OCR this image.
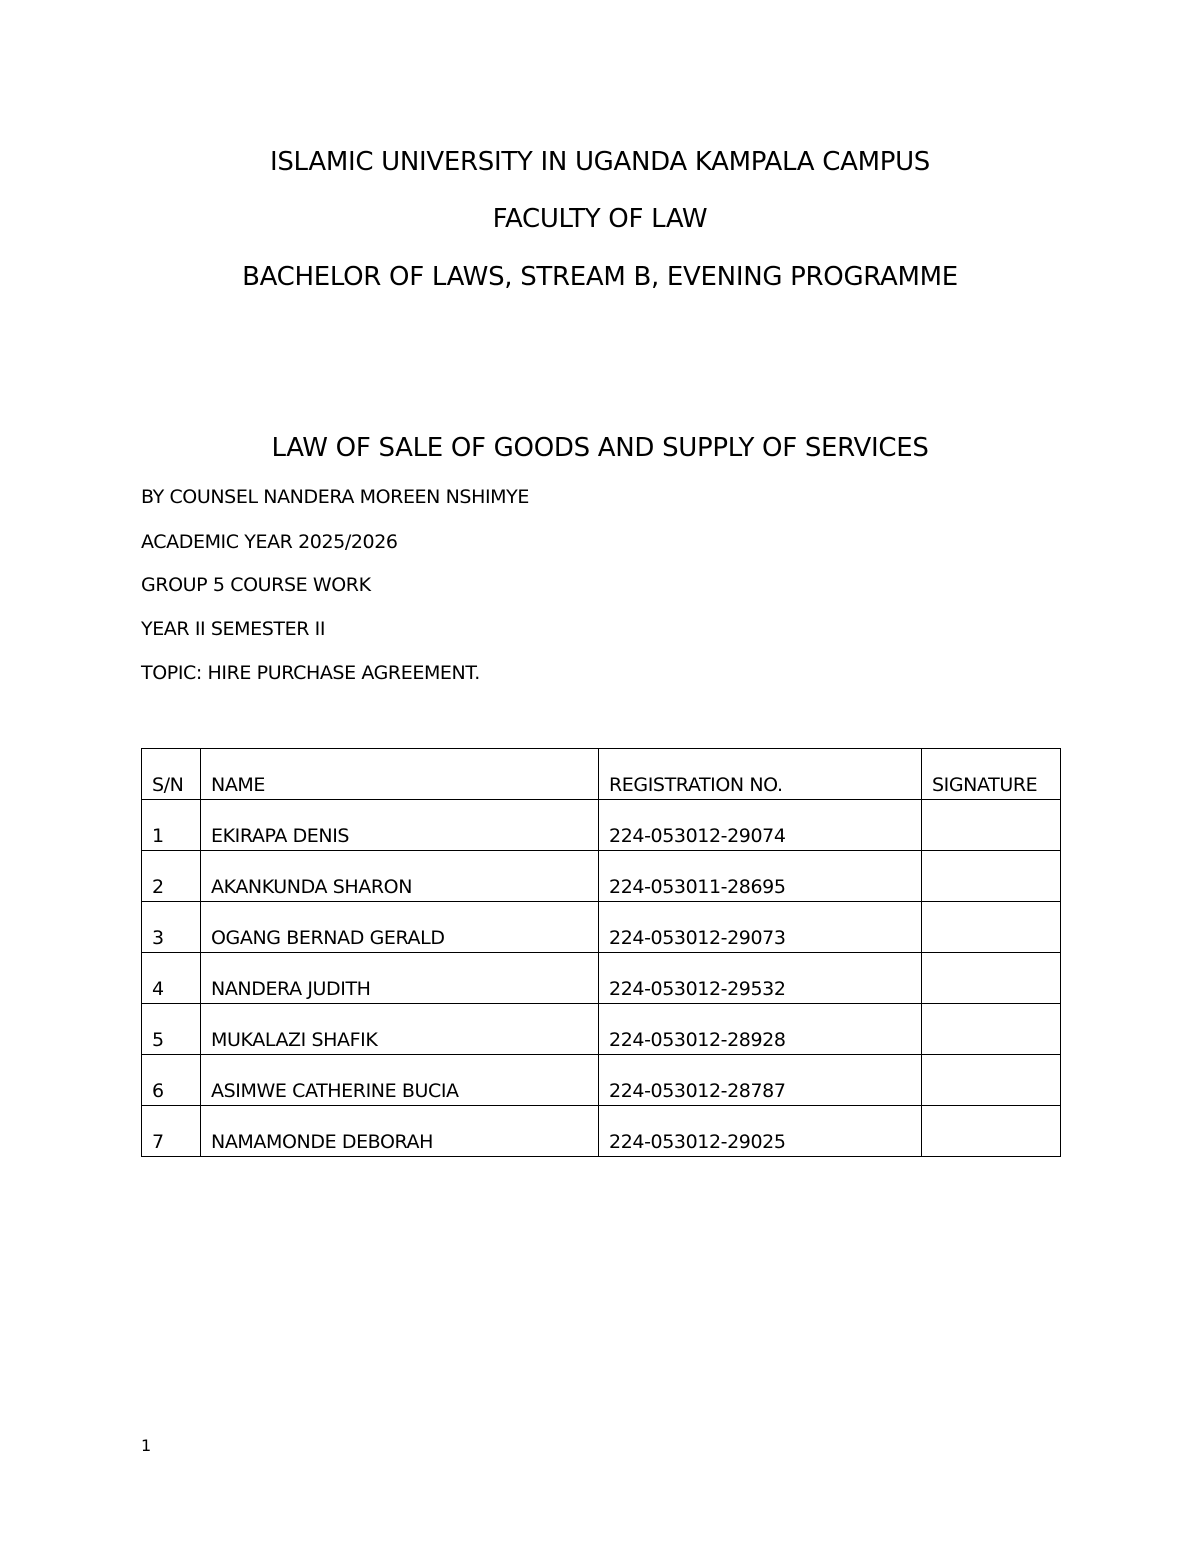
ISLAMIC UNIVERSITY IN UGANDA KAMPALA CAMPUS
FACULTY OF LAW
BACHELOR OF LAWS, STREAM B, EVENING PROGRAMME
LAW OF SALE OF GOODS AND SUPPLY OF SERVICES
BY COUNSEL NANDERA MOREEN NSHIMYE
ACADEMIC YEAR 2025/2026
GROUP 5 COURSE WORK
YEAR II SEMESTER II
TOPIC: HIRE PURCHASE AGREEMENT.
S/N	NAME	REGISTRATION NO.	SIGNATURE
1	EKIRAPA DENIS	224-053012-29074	
2	AKANKUNDA SHARON	224-053011-28695	
3	OGANG BERNAD GERALD	224-053012-29073	
4	NANDERA JUDITH	224-053012-29532	
5	MUKALAZI SHAFIK	224-053012-28928	
6	ASIMWE CATHERINE BUCIA	224-053012-28787	
7	NAMAMONDE DEBORAH	224-053012-29025	
1
